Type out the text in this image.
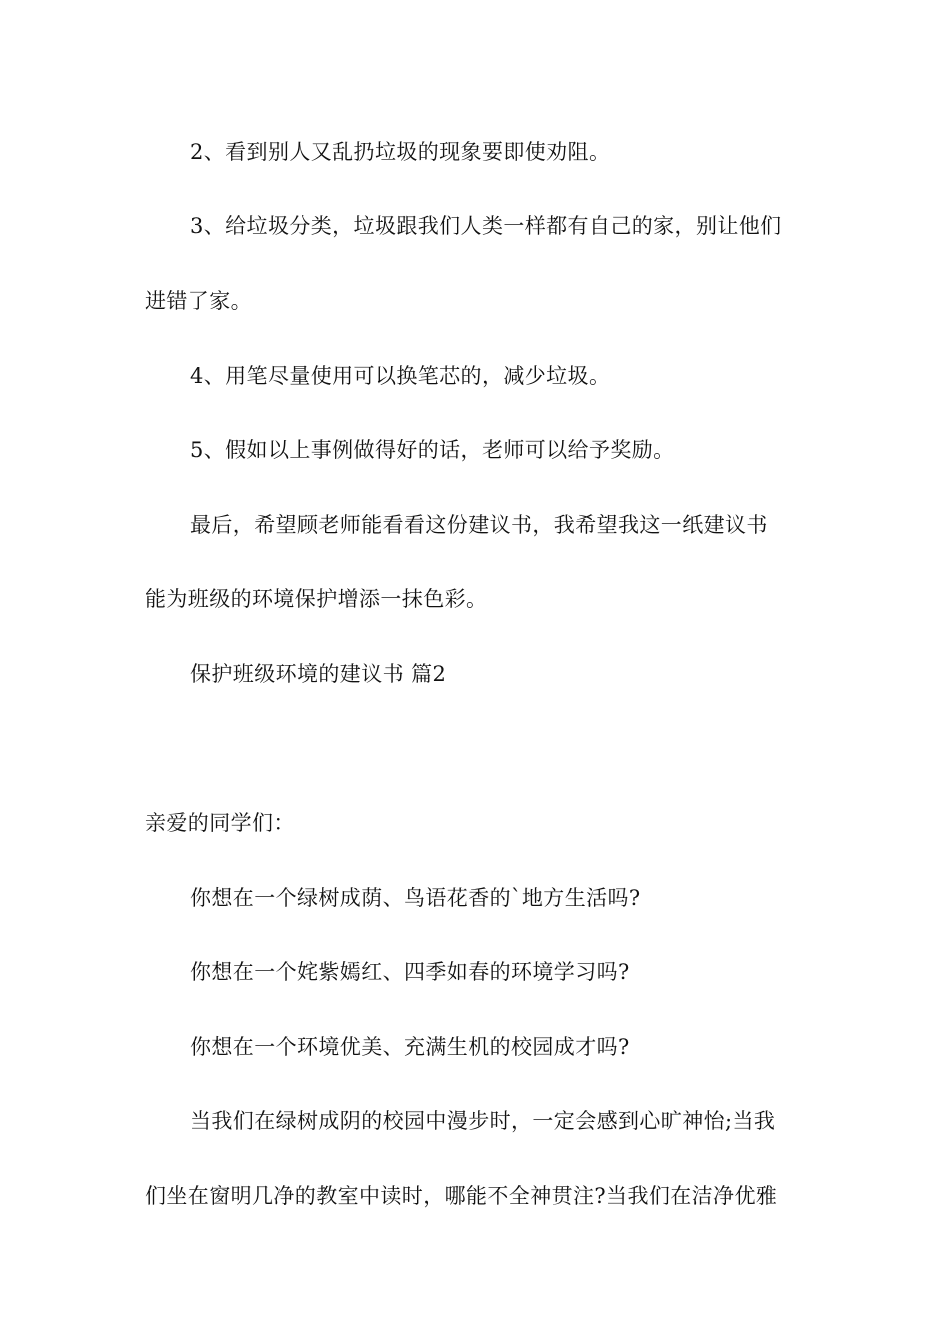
2、看到别人又乱扔垃圾的现象要即使劝阻。
3、给垃圾分类，垃圾跟我们人类一样都有自己的家，别让他们
进错了家。
4、用笔尽量使用可以换笔芯的，减少垃圾。
5、假如以上事例做得好的话，老师可以给予奖励。
最后，希望顾老师能看看这份建议书，我希望我这一纸建议书
能为班级的环境保护增添一抹色彩。
保护班级环境的建议书 篇2
亲爱的同学们：
你想在一个绿树成荫、鸟语花香的`地方生活吗?
你想在一个姹紫嫣红、四季如春的环境学习吗?
你想在一个环境优美、充满生机的校园成才吗?
当我们在绿树成阴的校园中漫步时，一定会感到心旷神怡;当我
们坐在窗明几净的教室中读时，哪能不全神贯注?当我们在洁净优雅
